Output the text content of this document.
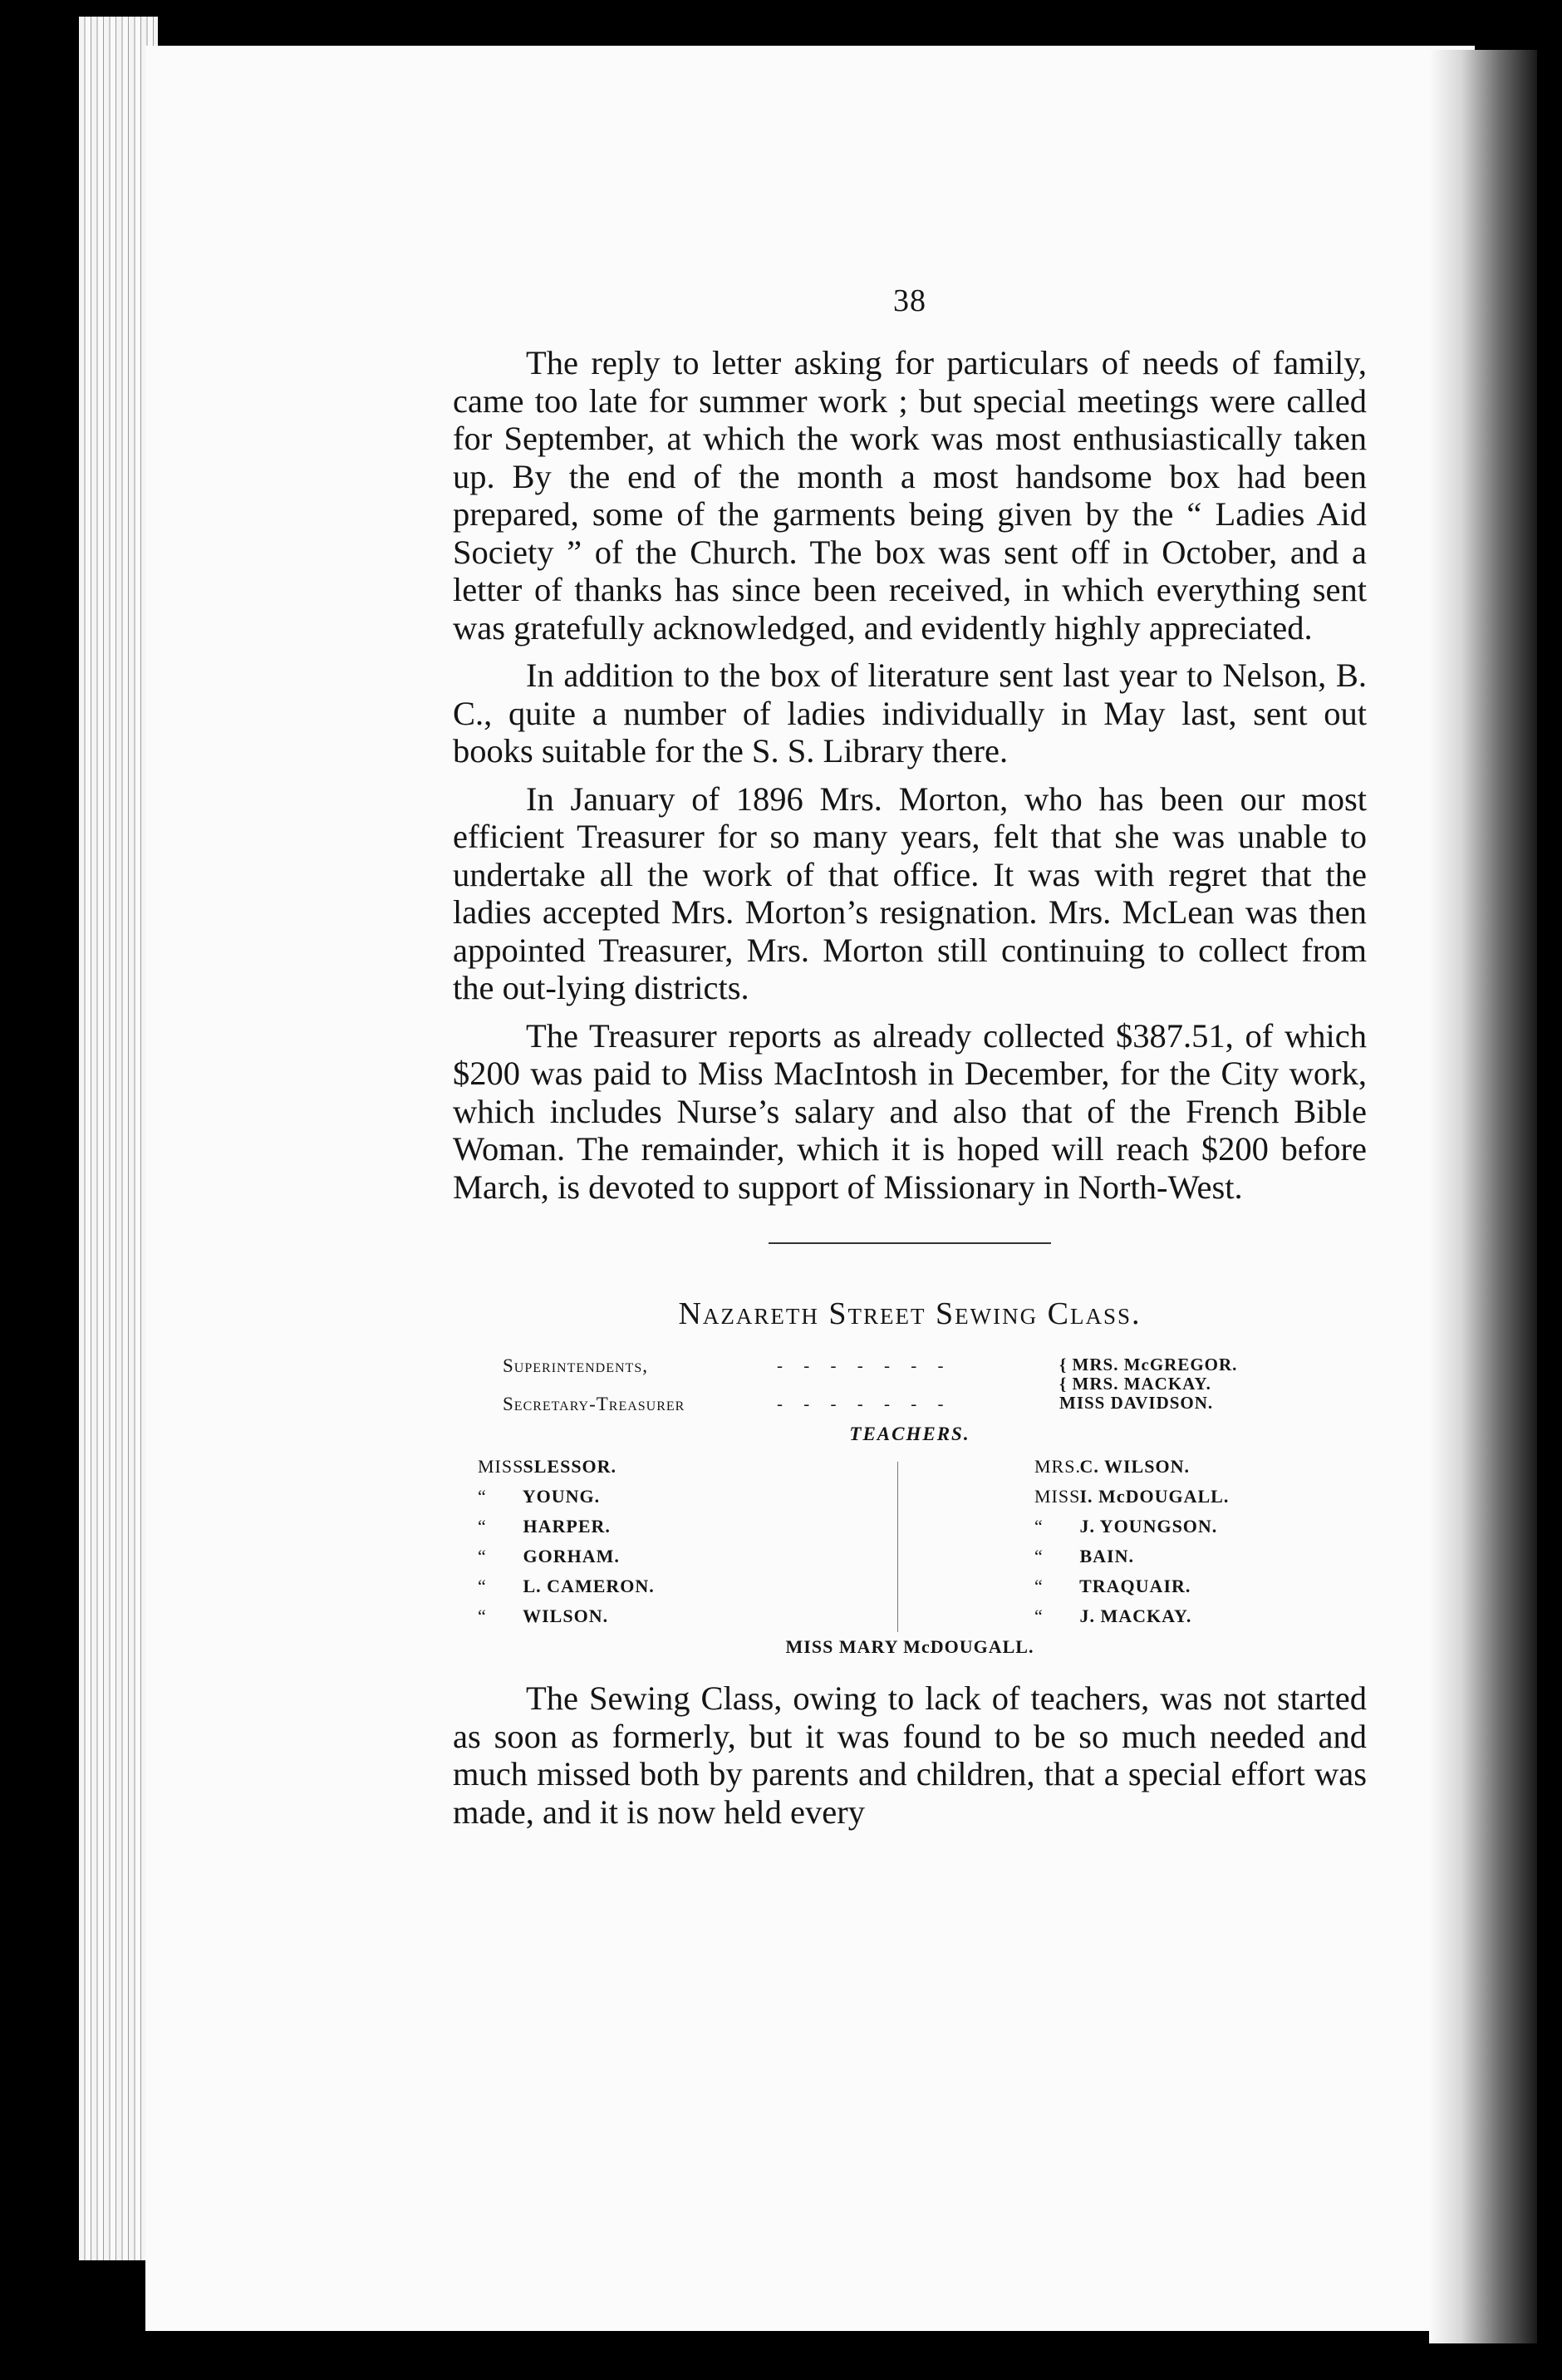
38

The reply to letter asking for particulars of needs of family, came too late for summer work ; but special meetings were called for September, at which the work was most enthusiastically taken up. By the end of the month a most handsome box had been prepared, some of the garments being given by the “ Ladies Aid Society ” of the Church. The box was sent off in October, and a letter of thanks has since been received, in which everything sent was gratefully acknowledged, and evidently highly appreciated.

In addition to the box of literature sent last year to Nelson, B. C., quite a number of ladies individually in May last, sent out books suitable for the S. S. Library there.

In January of 1896 Mrs. Morton, who has been our most efficient Treasurer for so many years, felt that she was unable to undertake all the work of that office. It was with regret that the ladies accepted Mrs. Morton’s resignation. Mrs. McLean was then appointed Treasurer, Mrs. Morton still continuing to collect from the out-lying districts.

The Treasurer reports as already collected $387.51, of which $200 was paid to Miss MacIntosh in December, for the City work, which includes Nurse’s salary and also that of the French Bible Woman. The remainder, which it is hoped will reach $200 before March, is devoted to support of Missionary in North-West.

Nazareth Street Sewing Class.
Superintendents,	- - - - - - -	{ MRS. McGREGOR.
{ MRS. MACKAY.
Secretary-Treasurer	- - - - - - -	MISS DAVIDSON.
TEACHERS.
MISS SLESSOR.
“ YOUNG.
“ HARPER.
“ GORHAM.
“ L. CAMERON.
“ WILSON.
MRS. C. WILSON.
MISS I. McDOUGALL.
“ J. YOUNGSON.
“ BAIN.
“ TRAQUAIR.
“ J. MACKAY.
MISS MARY McDOUGALL.

The Sewing Class, owing to lack of teachers, was not started as soon as formerly, but it was found to be so much needed and much missed both by parents and children, that a special effort was made, and it is now held every
